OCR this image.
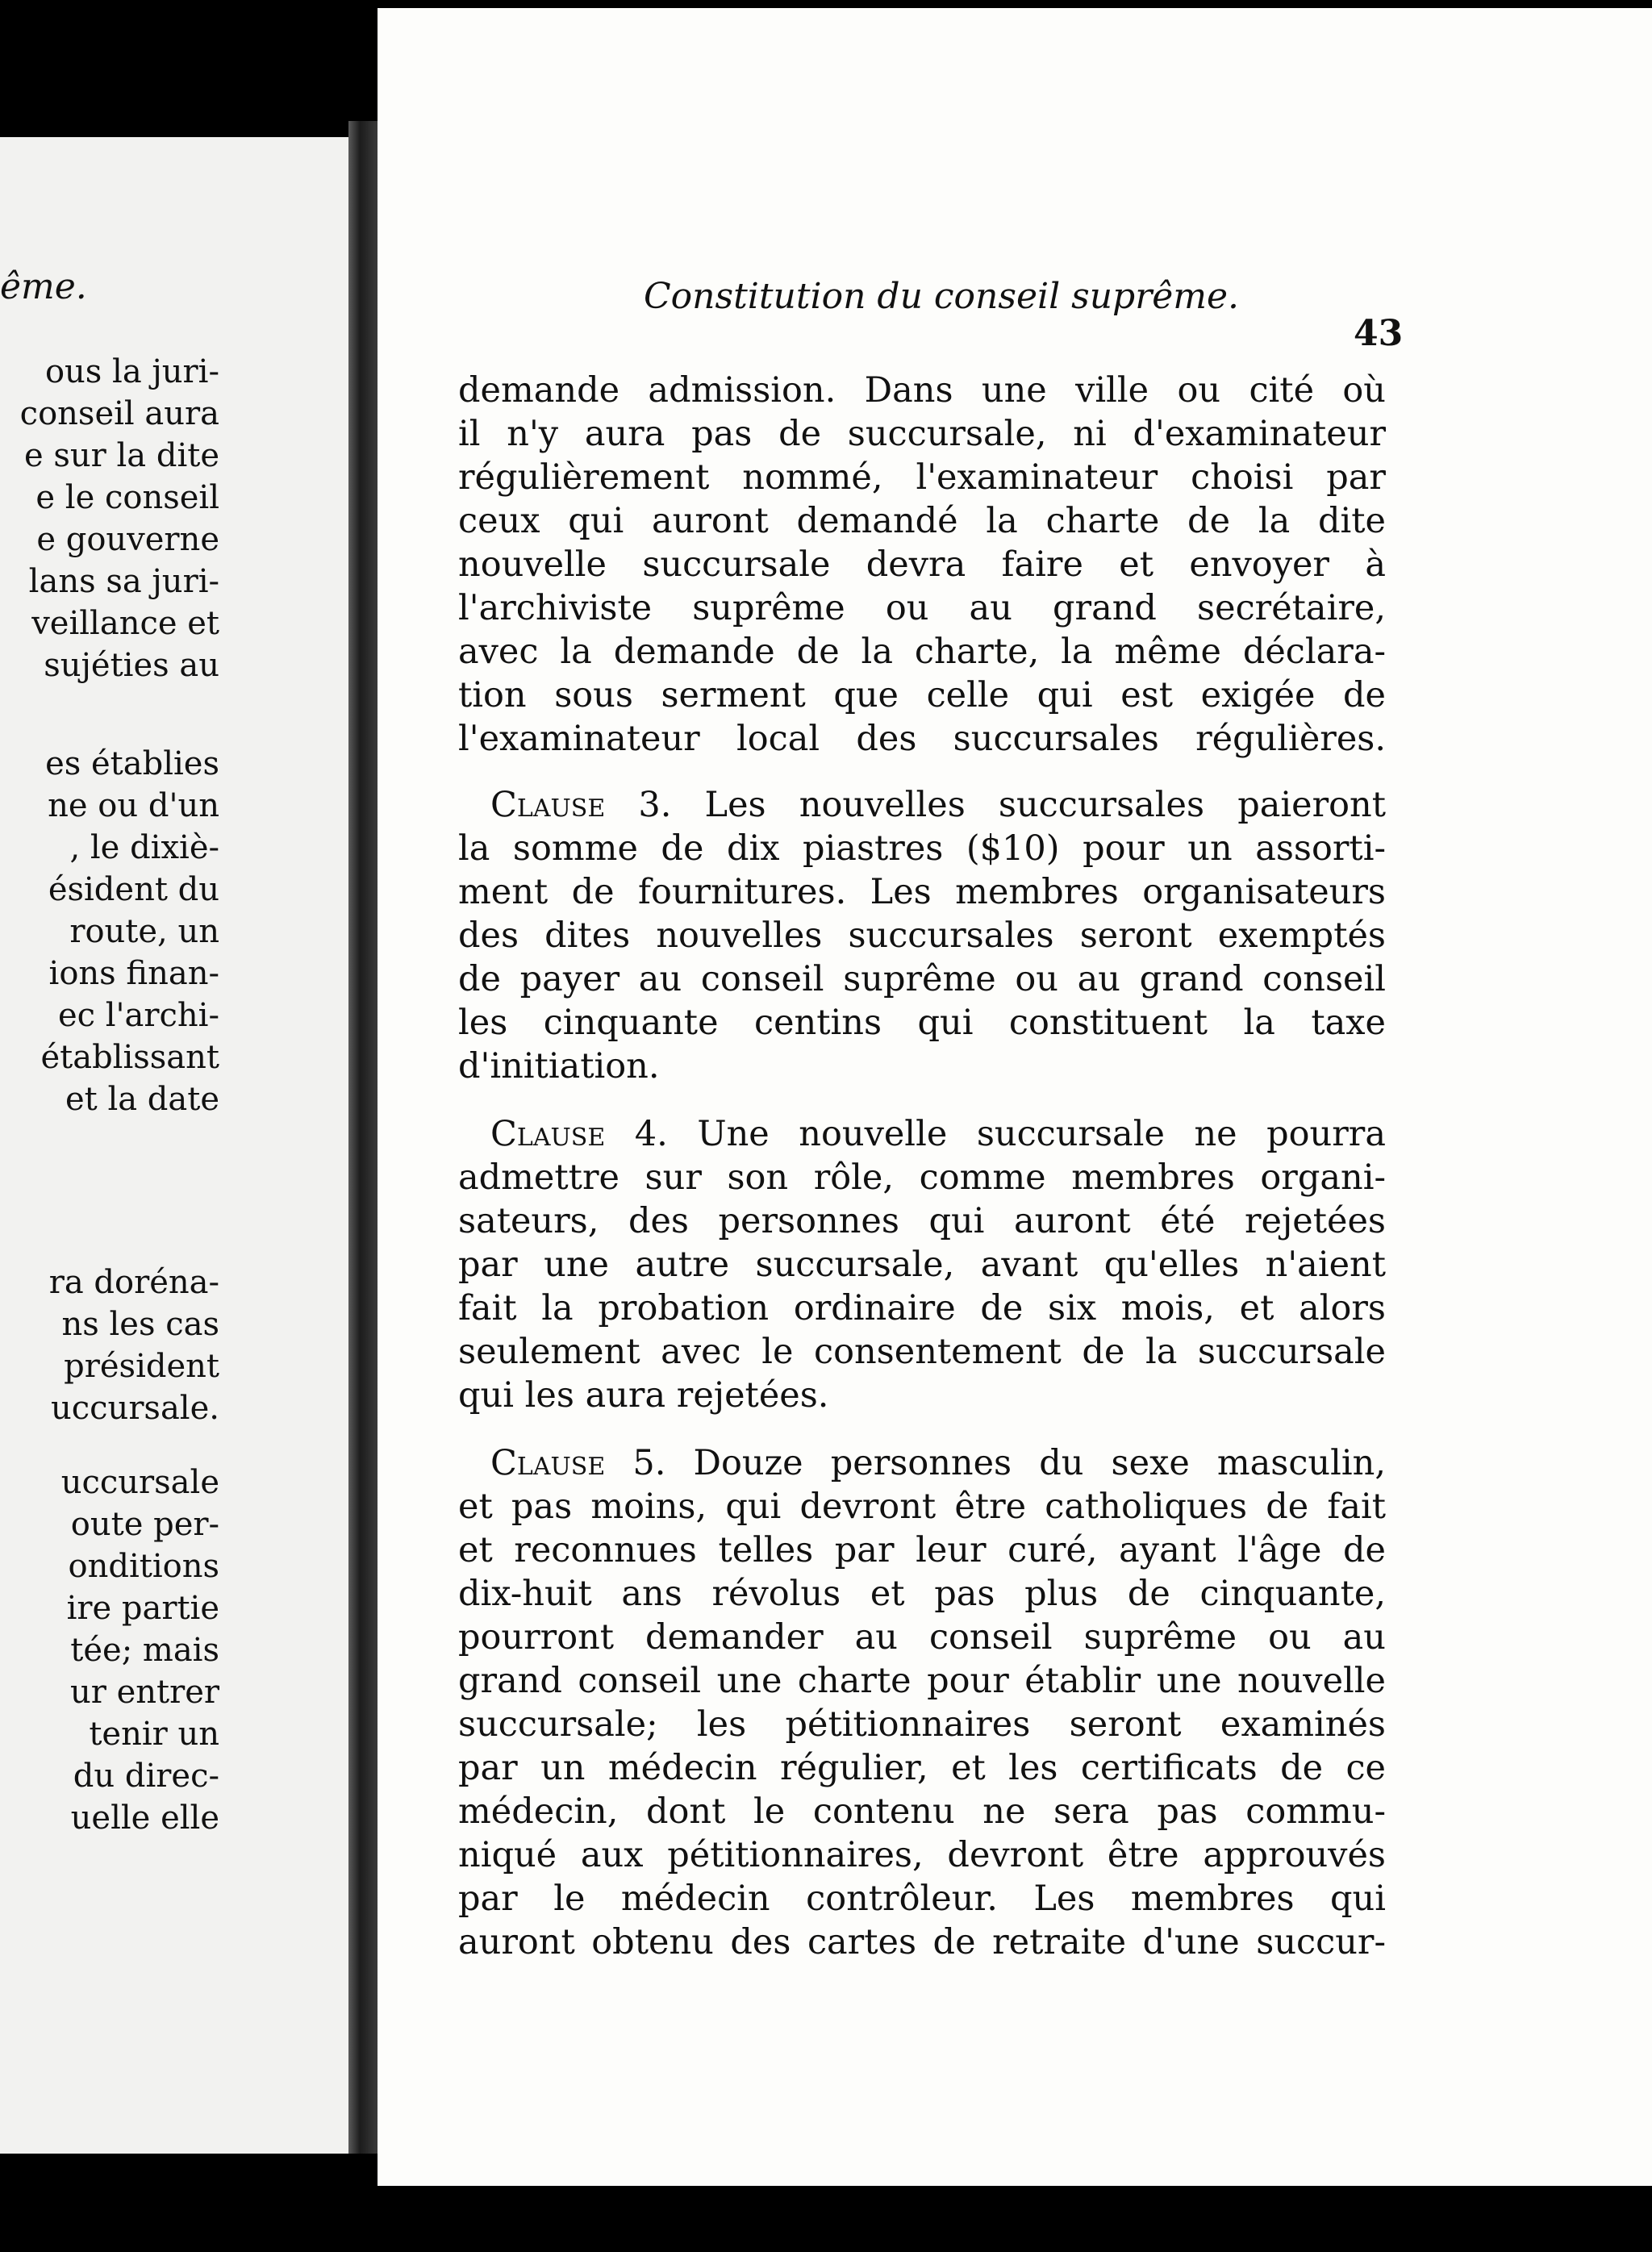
ême.
ous la juri-
conseil aura
e sur la dite
e le conseil
e gouverne
lans sa juri-
veillance et
sujéties au
es établies
ne ou d'un
, le dixiè-
ésident du
route, un
ions finan-
ec l'archi-
établissant
et la date
ra doréna-
ns les cas
président
uccursale.
uccursale
oute per-
onditions
ire partie
tée; mais
ur entrer
tenir un
du direc-
uelle elle
Constitution du conseil suprême.
43
demande admission. Dans une ville ou cité où
il n'y aura pas de succursale, ni d'examinateur
régulièrement nommé, l'examinateur choisi par
ceux qui auront demandé la charte de la dite
nouvelle succursale devra faire et envoyer à
l'archiviste suprême ou au grand secrétaire,
avec la demande de la charte, la même déclara-
tion sous serment que celle qui est exigée de
l'examinateur local des succursales régulières.
Clause 3. Les nouvelles succursales paieront
la somme de dix piastres ($10) pour un assorti-
ment de fournitures. Les membres organisateurs
des dites nouvelles succursales seront exemptés
de payer au conseil suprême ou au grand conseil
les cinquante centins qui constituent la taxe
d'initiation.
Clause 4. Une nouvelle succursale ne pourra
admettre sur son rôle, comme membres organi-
sateurs, des personnes qui auront été rejetées
par une autre succursale, avant qu'elles n'aient
fait la probation ordinaire de six mois, et alors
seulement avec le consentement de la succursale
qui les aura rejetées.
Clause 5. Douze personnes du sexe masculin,
et pas moins, qui devront être catholiques de fait
et reconnues telles par leur curé, ayant l'âge de
dix-huit ans révolus et pas plus de cinquante,
pourront demander au conseil suprême ou au
grand conseil une charte pour établir une nouvelle
succursale; les pétitionnaires seront examinés
par un médecin régulier, et les certificats de ce
médecin, dont le contenu ne sera pas commu-
niqué aux pétitionnaires, devront être approuvés
par le médecin contrôleur. Les membres qui
auront obtenu des cartes de retraite d'une succur-
